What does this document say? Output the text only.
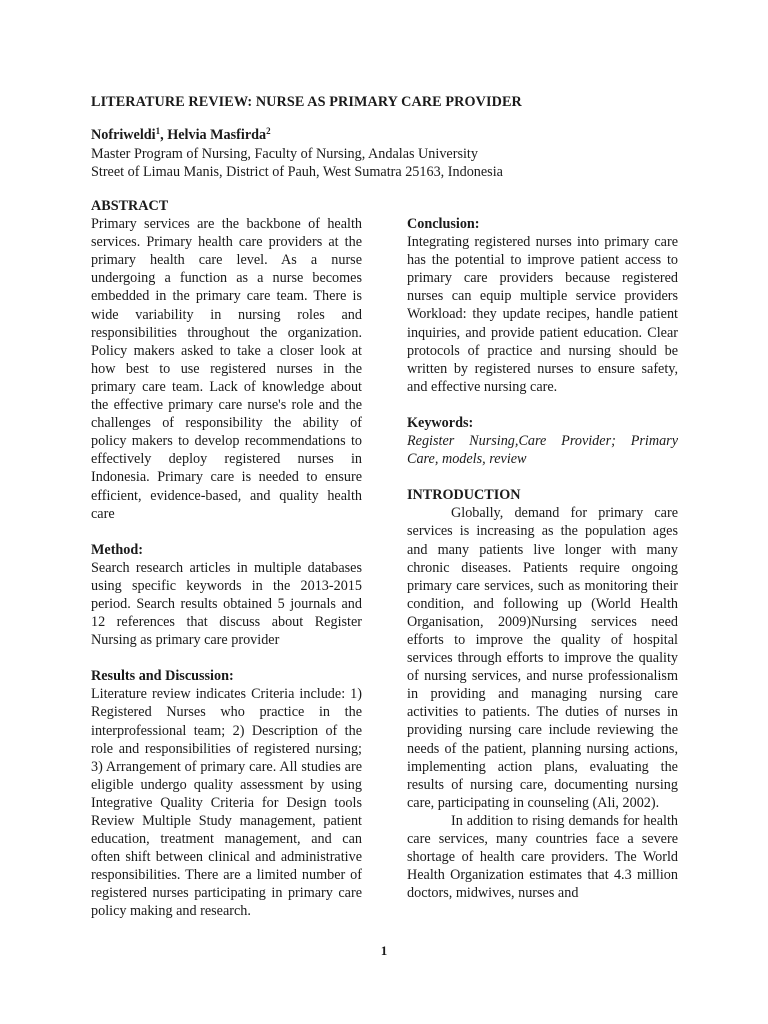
LITERATURE REVIEW: NURSE AS PRIMARY CARE PROVIDER
Nofriweldi$^1$, Helvia Masfirda$^2$
Master Program of Nursing, Faculty of Nursing, Andalas University
Street of Limau Manis, District of Pauh, West Sumatra 25163, Indonesia
ABSTRACT

Primary services are the backbone of health services. Primary health care providers at the primary health care level. As a nurse undergoing a function as a nurse becomes embedded in the primary care team. There is wide variability in nursing roles and responsibilities throughout the organization. Policy makers asked to take a closer look at how best to use registered nurses in the primary care team. Lack of knowledge about the effective primary care nurse's role and the challenges of responsibility the ability of policy makers to develop recommendations to effectively deploy registered nurses in Indonesia. Primary care is needed to ensure efficient, evidence-based, and quality health care

Method:

Search research articles in multiple databases using specific keywords in the 2013-2015 period. Search results obtained 5 journals and 12 references that discuss about Register Nursing as primary care provider

Results and Discussion:

Literature review indicates Criteria include: 1) Registered Nurses who practice in the interprofessional team; 2) Description of the role and responsibilities of registered nursing; 3) Arrangement of primary care. All studies are eligible undergo quality assessment by using Integrative Quality Criteria for Design tools Review Multiple Study management, patient education, treatment management, and can often shift between clinical and administrative responsibilities. There are a limited number of registered nurses participating in primary care policy making and research.

Conclusion:

Integrating registered nurses into primary care has the potential to improve patient access to primary care providers because registered nurses can equip multiple service providers Workload: they update recipes, handle patient inquiries, and provide patient education. Clear protocols of practice and nursing should be written by registered nurses to ensure safety, and effective nursing care.

Keywords:

Register Nursing,Care Provider; Primary Care, models, review

INTRODUCTION

Globally, demand for primary care services is increasing as the population ages and many patients live longer with many chronic diseases. Patients require ongoing primary care services, such as monitoring their condition, and following up (World Health Organisation, 2009)Nursing services need efforts to improve the quality of hospital services through efforts to improve the quality of nursing services, and nurse professionalism in providing and managing nursing care activities to patients. The duties of nurses in providing nursing care include reviewing the needs of the patient, planning nursing actions, implementing action plans, evaluating the results of nursing care, documenting nursing care, participating in counseling (Ali, 2002).

In addition to rising demands for health care services, many countries face a severe shortage of health care providers. The World Health Organization estimates that 4.3 million doctors, midwives, nurses and

1
